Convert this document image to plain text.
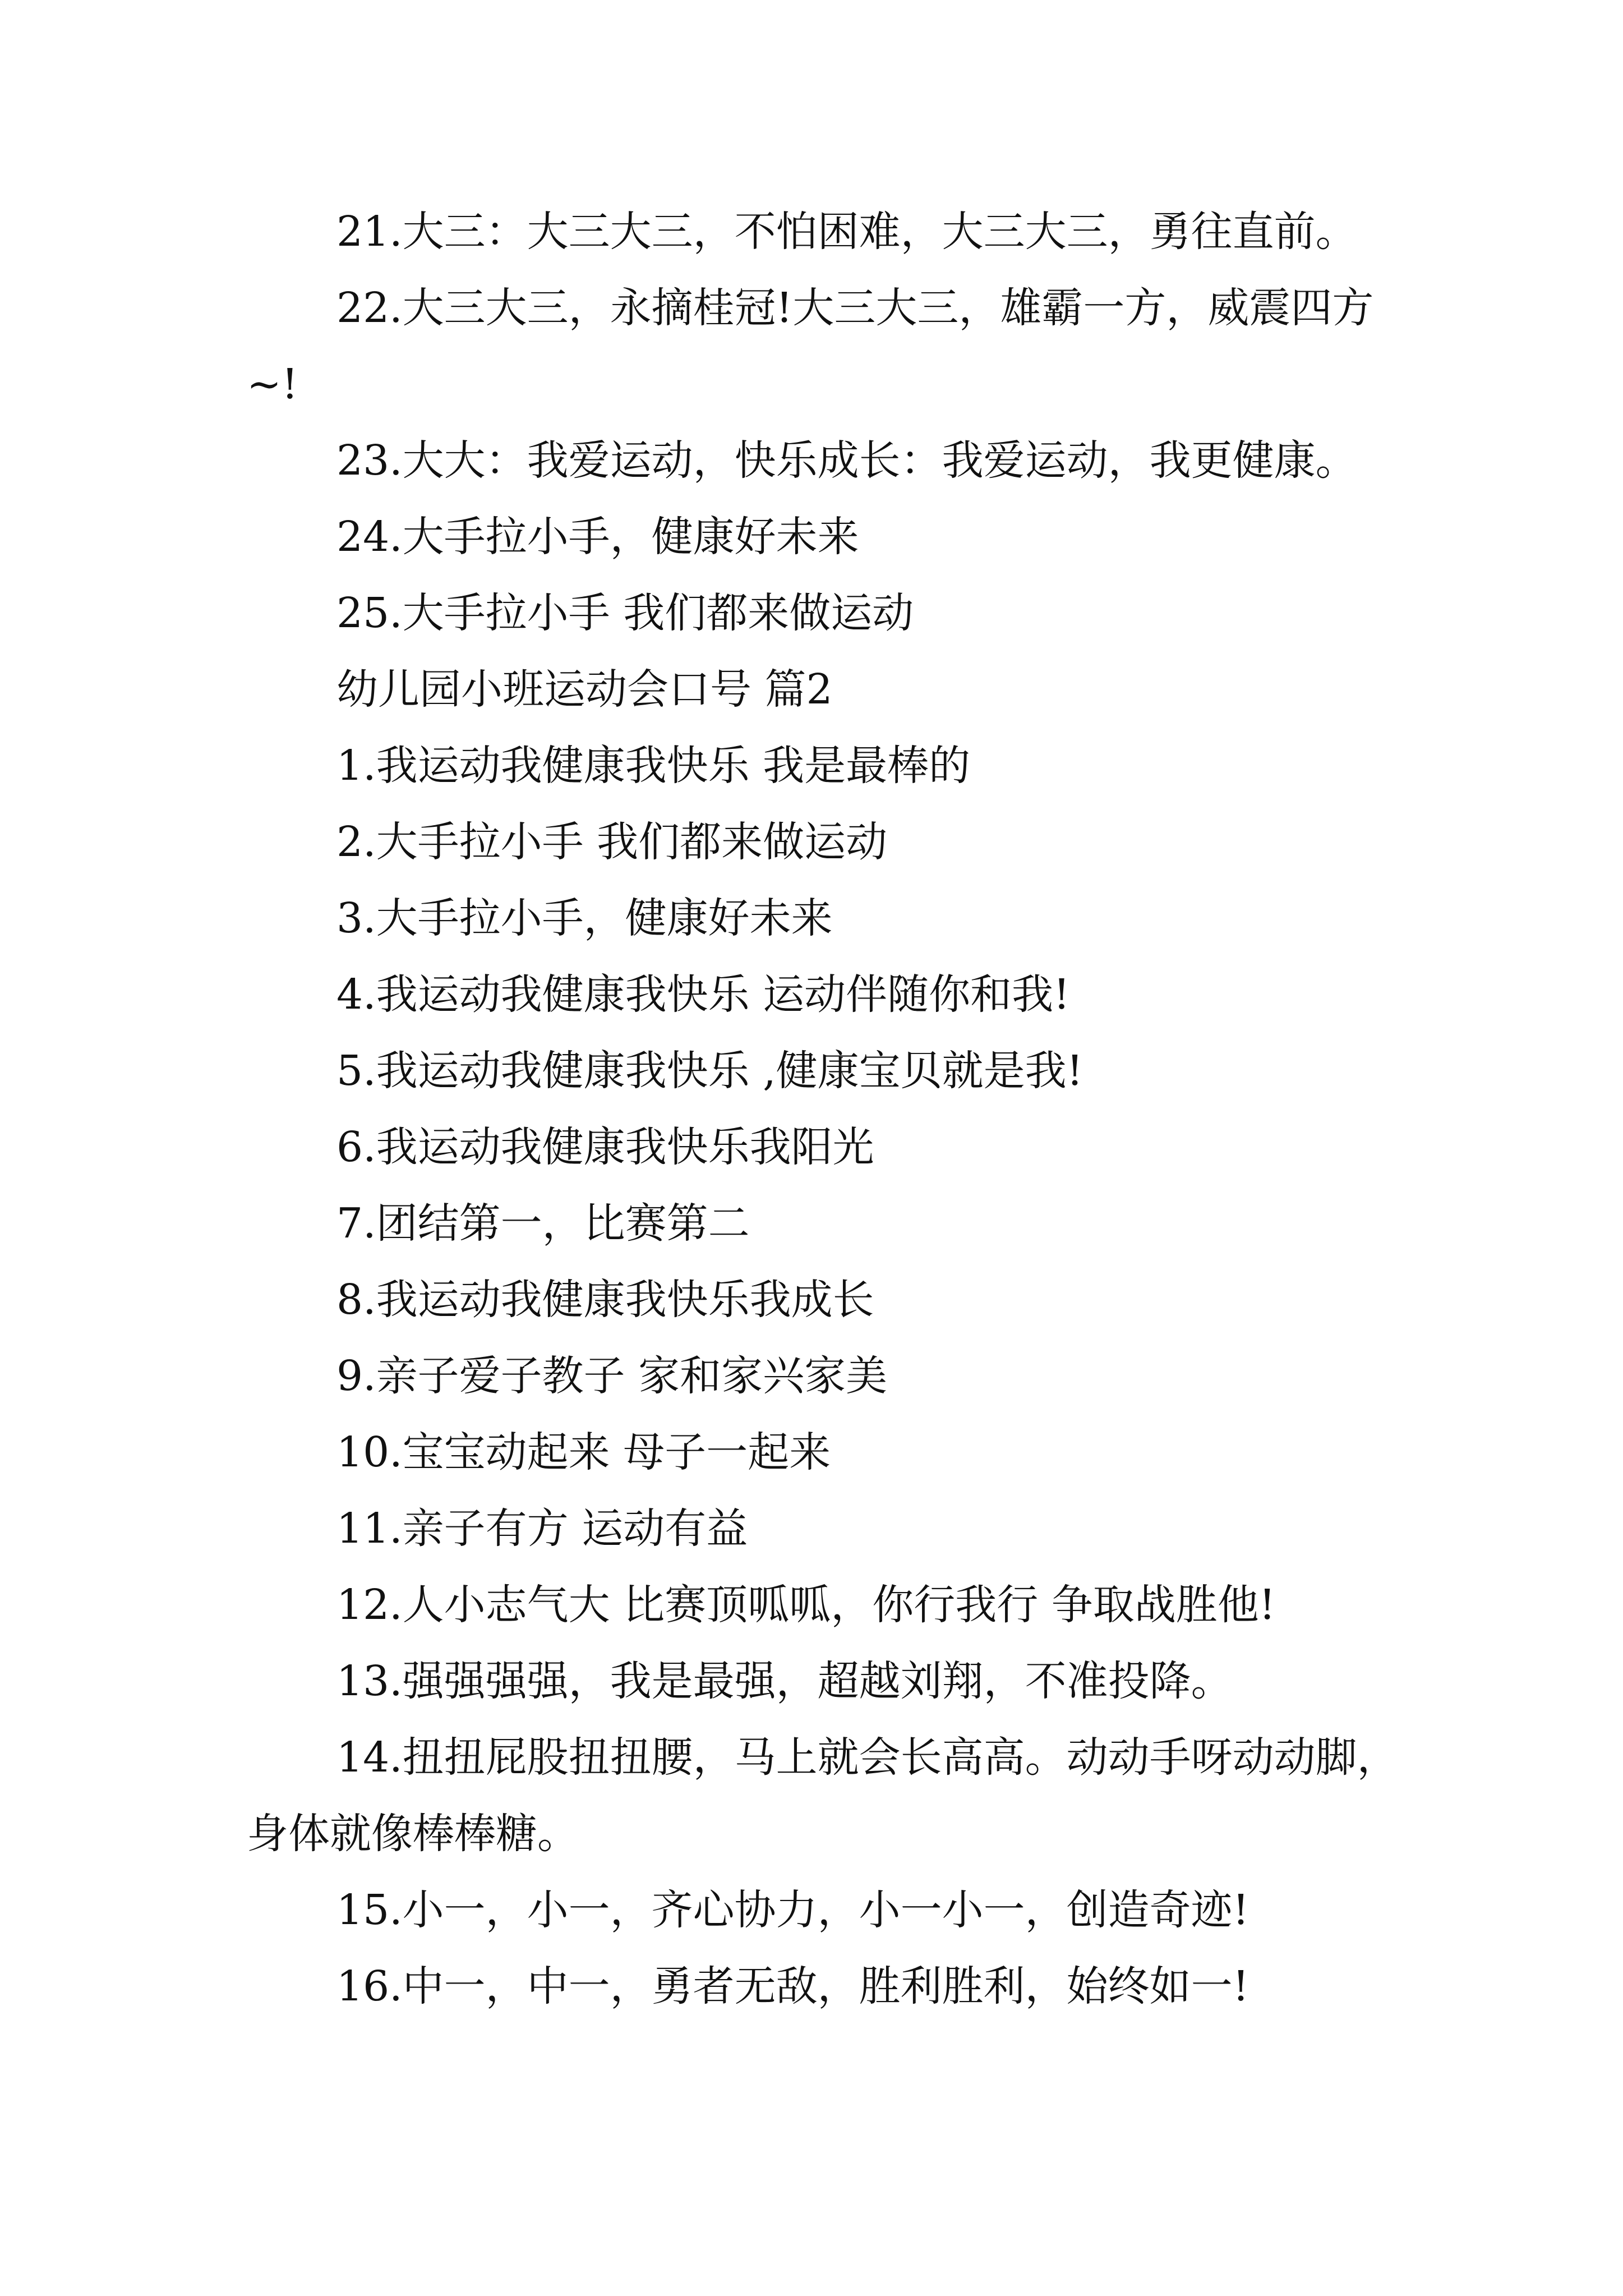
21.大三：大三大三，不怕困难，大三大三，勇往直前。

22.大三大三，永摘桂冠!大三大三，雄霸一方，威震四方~!

23.大大：我爱运动，快乐成长：我爱运动，我更健康。

24.大手拉小手，健康好未来

25.大手拉小手 我们都来做运动

幼儿园小班运动会口号 篇2

1.我运动我健康我快乐 我是最棒的

2.大手拉小手 我们都来做运动

3.大手拉小手，健康好未来

4.我运动我健康我快乐 运动伴随你和我!

5.我运动我健康我快乐 ,健康宝贝就是我!

6.我运动我健康我快乐我阳光

7.团结第一，比赛第二

8.我运动我健康我快乐我成长

9.亲子爱子教子 家和家兴家美

10.宝宝动起来 母子一起来

11.亲子有方 运动有益

12.人小志气大 比赛顶呱呱，你行我行 争取战胜他!

13.强强强强，我是最强，超越刘翔，不准投降。

14.扭扭屁股扭扭腰，马上就会长高高。动动手呀动动脚，身体就像棒棒糖。

15.小一，小一，齐心协力，小一小一，创造奇迹!

16.中一，中一，勇者无敌，胜利胜利，始终如一!
